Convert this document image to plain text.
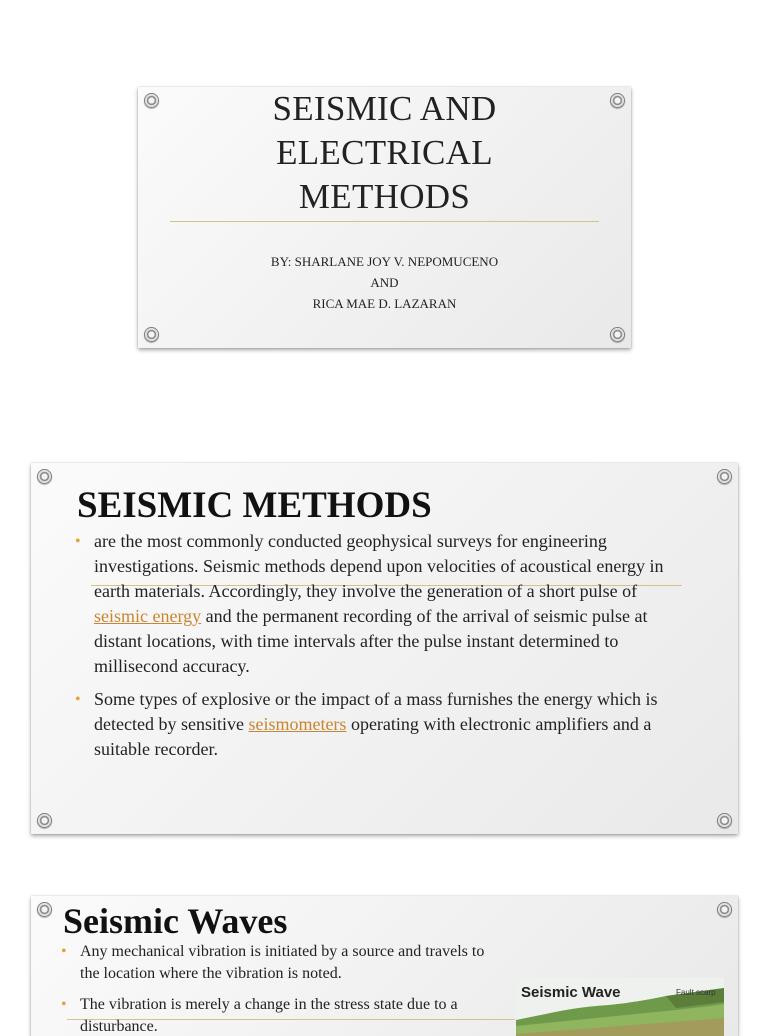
SEISMIC AND
ELECTRICAL
METHODS
BY: SHARLANE JOY V. NEPOMUCENO
AND
RICA MAE D. LAZARAN
SEISMIC METHODS
• are the most commonly conducted geophysical surveys for engineering investigations. Seismic methods depend upon velocities of acoustical energy in earth materials. Accordingly, they involve the generation of a short pulse of seismic energy and the permanent recording of the arrival of seismic pulse at distant locations, with time intervals after the pulse instant determined to millisecond accuracy.
• Some types of explosive or the impact of a mass furnishes the energy which is detected by sensitive seismometers operating with electronic amplifiers and a suitable recorder.
Seismic Waves
• Any mechanical vibration is initiated by a source and travels to the location where the vibration is noted.
• The vibration is merely a change in the stress state due to a disturbance.
Seismic Wave	Fault scarp
